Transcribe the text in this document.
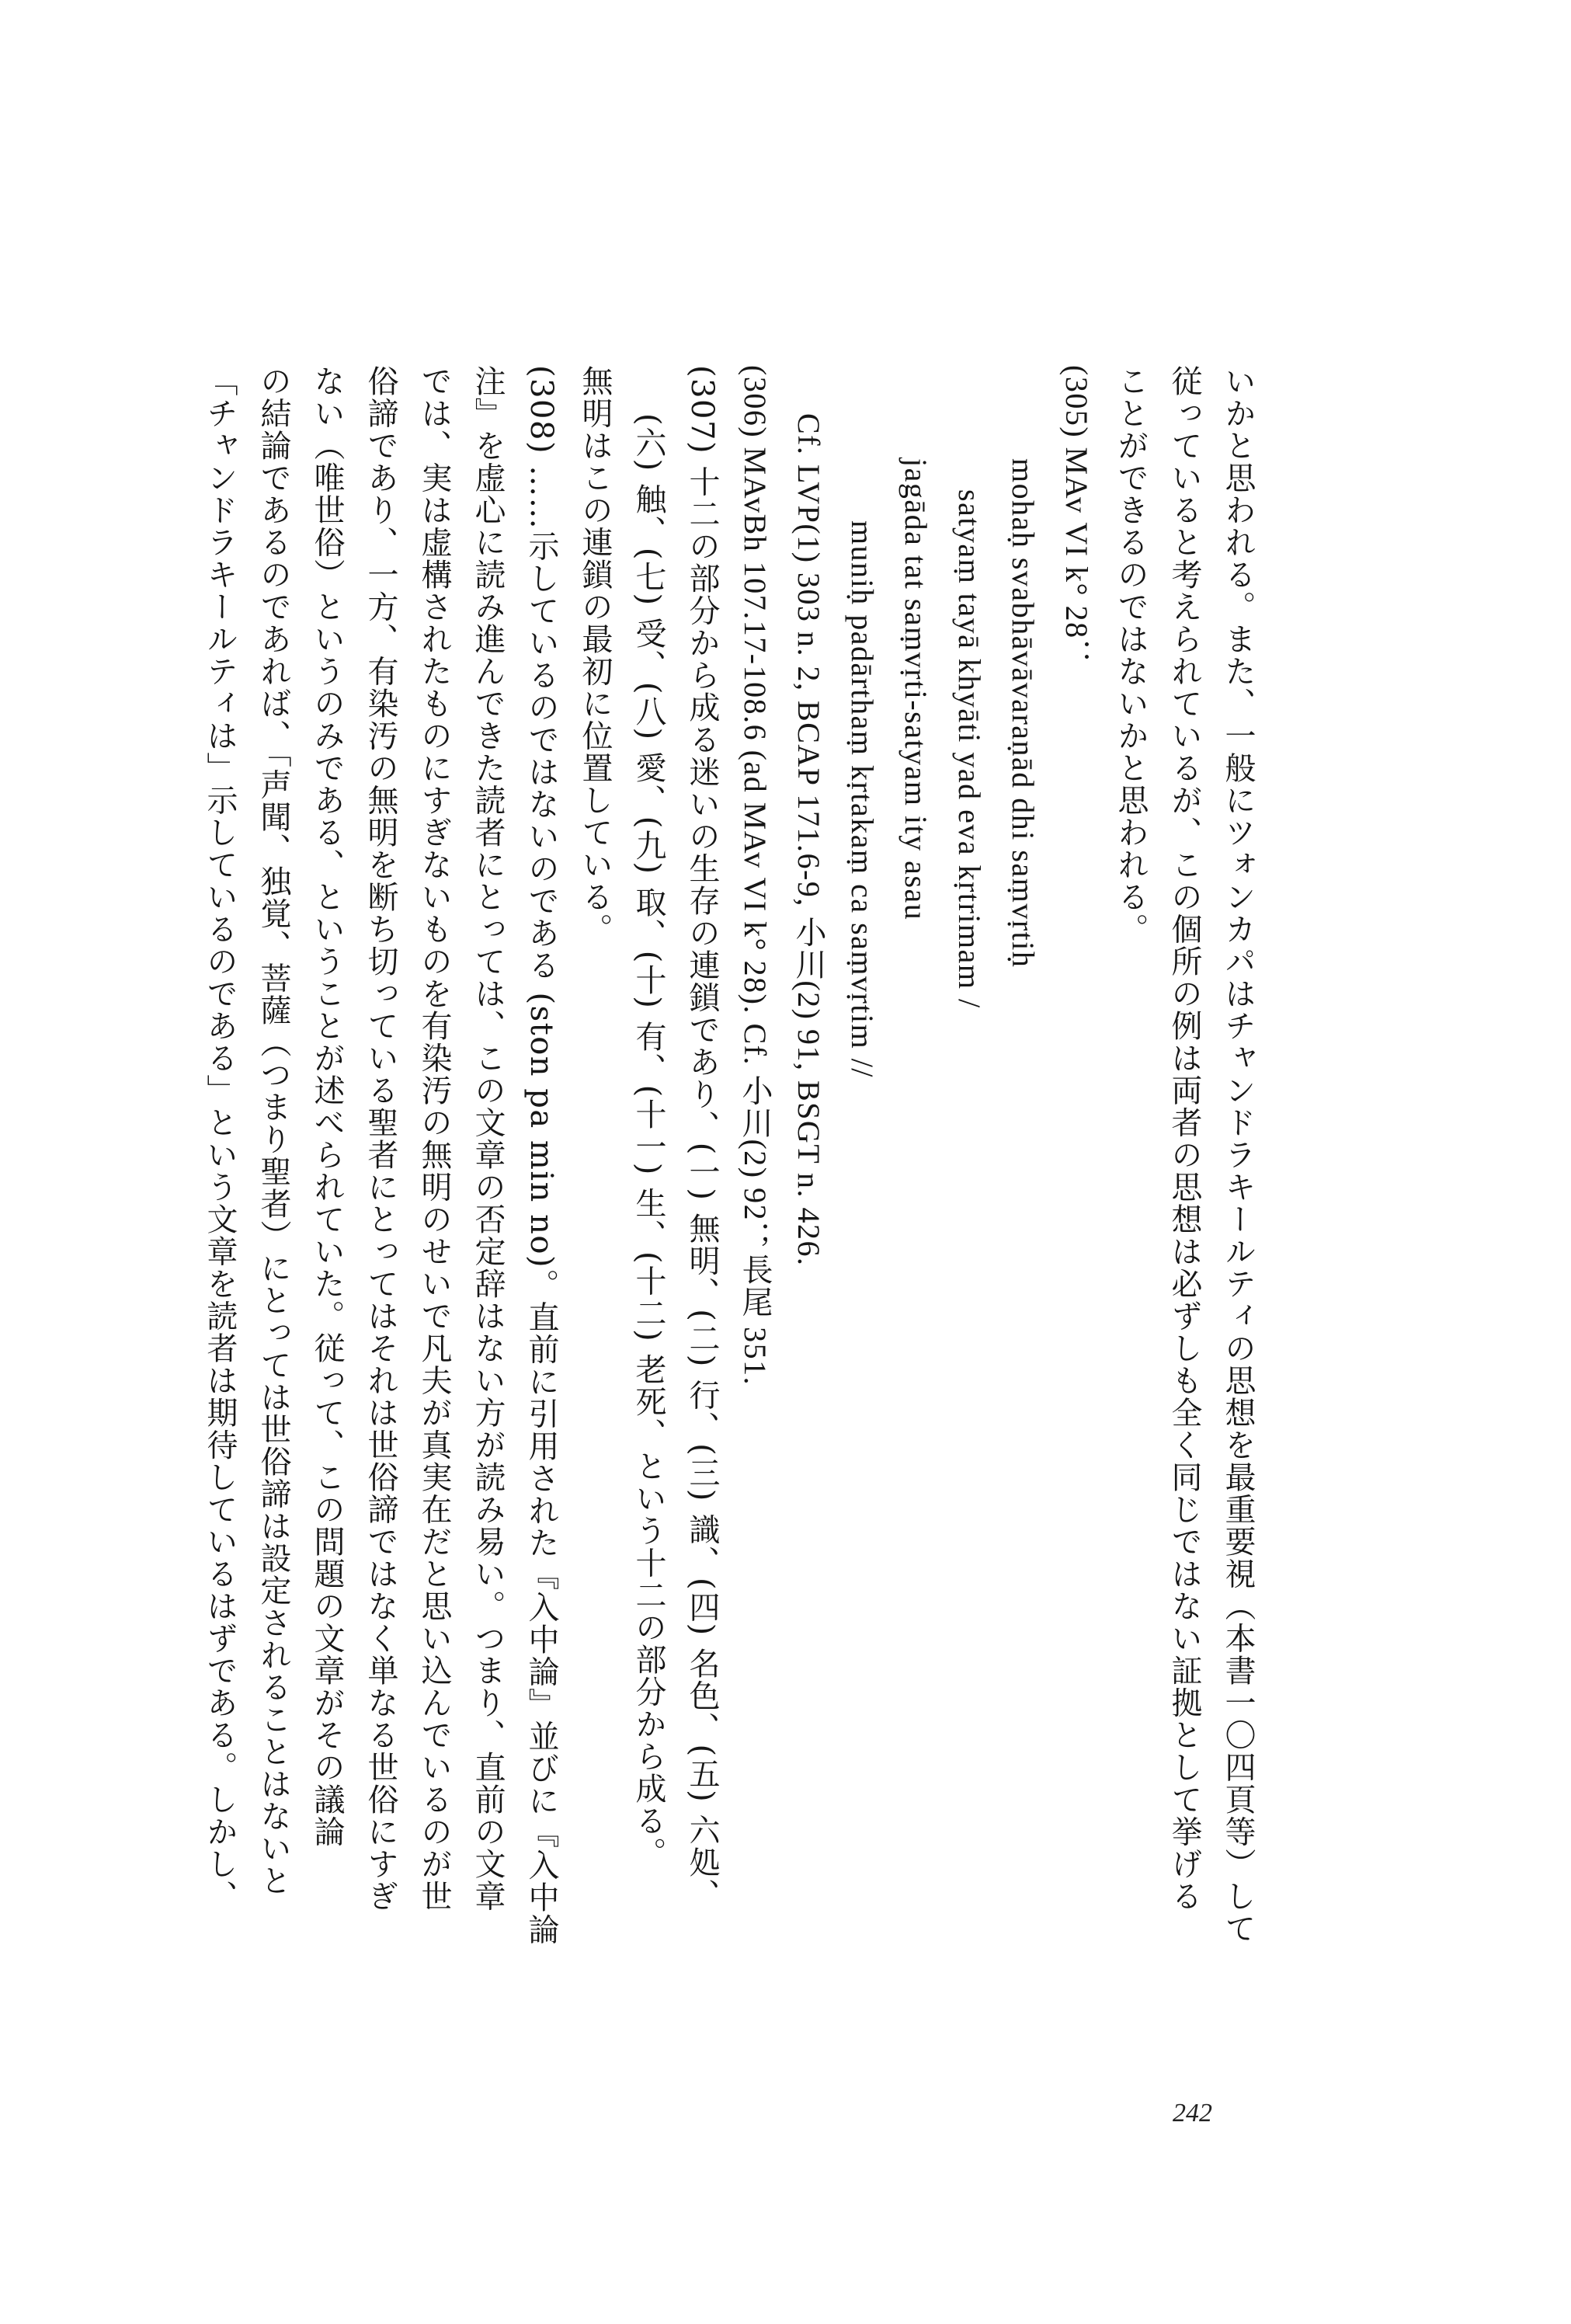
いかと思われる。また、一般にツォンカパはチャンドラキールティの思想を最重要視（本書一〇四頁等）して
従っていると考えられているが、この個所の例は両者の思想は必ずしも全く同じではない証拠として挙げる
ことができるのではないかと思われる。
(305) MAv VI k° 28：
mohaḥ svabhāvāvaraṇād dhi saṃvṛtiḥ
satyaṃ tayā khyāti yad eva kṛtrimam /
jagāda tat saṃvṛti-satyam ity asau
muniḥ padārthaṃ kṛtakaṃ ca saṃvṛtim //
Cf. LVP(1) 303 n. 2, BCAP 171.6-9, 小川(2) 91, BSGT n. 426.
(306) MAvBh 107.17-108.6 (ad MAv VI k° 28). Cf. 小川(2) 92；長尾 351.
(307) 十二の部分から成る迷いの生存の連鎖であり、(一) 無明、(二) 行、(三) 識、(四) 名色、(五) 六処、
(六) 触、(七) 受、(八) 愛、(九) 取、(十) 有、(十一) 生、(十二) 老死、という十二の部分から成る。
無明はこの連鎖の最初に位置している。
(308) ……示しているのではないのである (ston pa min no)。直前に引用された『入中論』並びに『入中論
注』を虚心に読み進んできた読者にとっては、この文章の否定辞はない方が読み易い。つまり、直前の文章
では、実は虚構されたものにすぎないものを有染汚の無明のせいで凡夫が真実在だと思い込んでいるのが世
俗諦であり、一方、有染汚の無明を断ち切っている聖者にとってはそれは世俗諦ではなく単なる世俗にすぎ
ない（唯世俗）というのみである、ということが述べられていた。従って、この問題の文章がその議論
の結論であるのであれば、「声聞、独覚、菩薩（つまり聖者）にとっては世俗諦は設定されることはないと
「チャンドラキールティは」示しているのである」という文章を読者は期待しているはずである。しかし、
242
